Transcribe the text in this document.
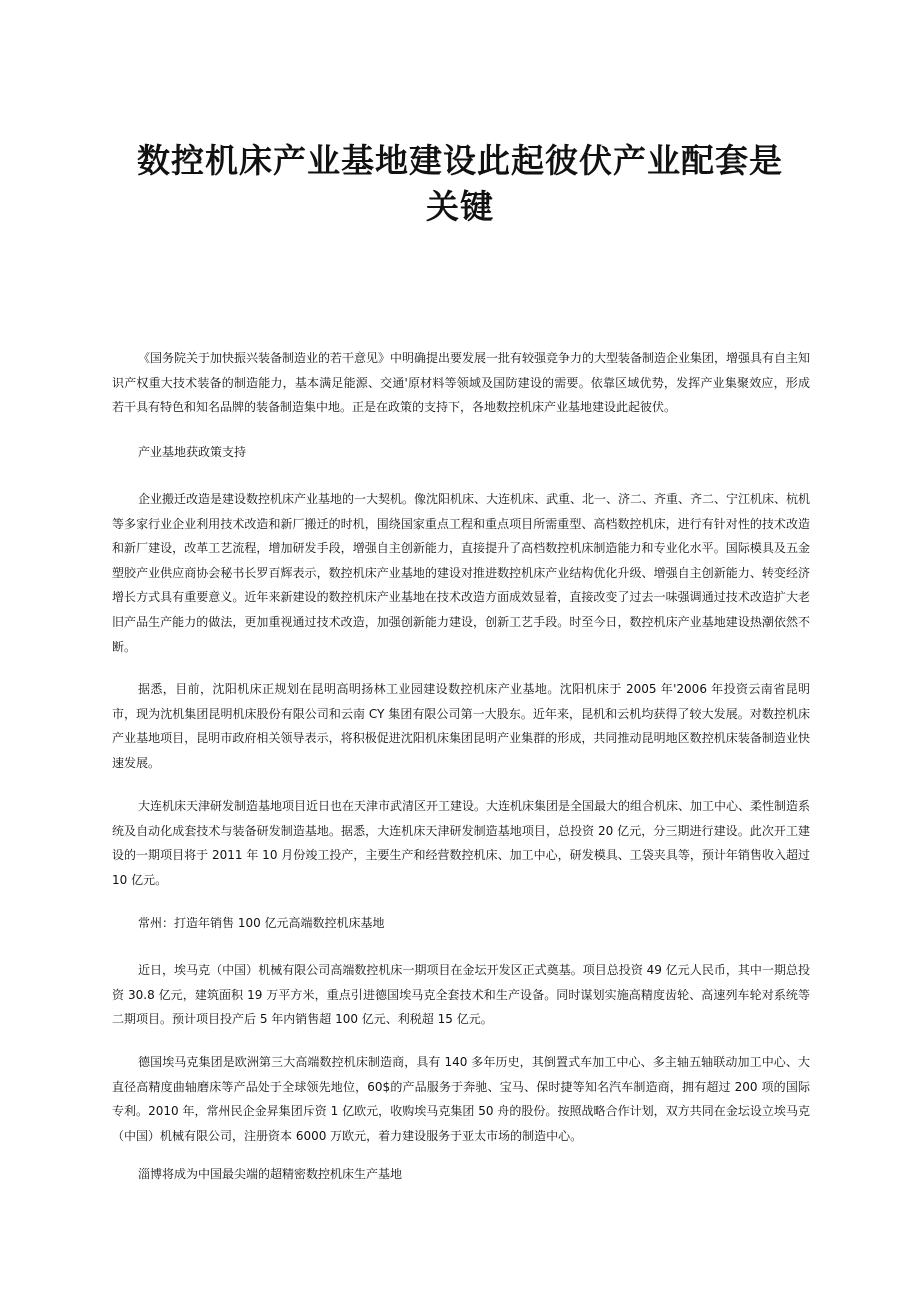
数控机床产业基地建设此起彼伏产业配套是
关键

《国务院关于加快振兴装备制造业的若干意见》中明确提出要发展一批有较强竞争力的大型装备制造企业集团，增强具有自主知识产权重大技术装备的制造能力，基本满足能源、交通'原材料等领域及国防建设的需要。依靠区域优势，发挥产业集聚效应，形成若干具有特色和知名品牌的装备制造集中地。正是在政策的支持下，各地数控机床产业基地建设此起彼伏。

产业基地获政策支持

企业搬迁改造是建设数控机床产业基地的一大契机。像沈阳机床、大连机床、武重、北一、济二、齐重、齐二、宁江机床、杭机等多家行业企业利用技术改造和新厂搬迁的时机，围绕国家重点工程和重点项目所需重型、高档数控机床，进行有针对性的技术改造和新厂建设，改革工艺流程，增加研发手段，增强自主创新能力，直接提升了高档数控机床制造能力和专业化水平。国际模具及五金塑胶产业供应商协会秘书长罗百辉表示，数控机床产业基地的建设对推进数控机床产业结构优化升级、增强自主创新能力、转变经济增长方式具有重要意义。近年来新建设的数控机床产业基地在技术改造方面成效显着，直接改变了过去一味强调通过技术改造扩大老旧产品生产能力的做法，更加重视通过技术改造，加强创新能力建设，创新工艺手段。时至今日，数控机床产业基地建设热潮依然不断。

据悉，目前，沈阳机床正规划在昆明高明扬林工业园建设数控机床产业基地。沈阳机床于 2005 年'2006 年投资云南省昆明市，现为沈机集团昆明机床股份有限公司和云南 CY 集团有限公司第一大股东。近年来，昆机和云机均获得了较大发展。对数控机床产业基地项目，昆明市政府相关领导表示，将积极促进沈阳机床集团昆明产业集群的形成，共同推动昆明地区数控机床装备制造业快速发展。

大连机床天津研发制造基地项目近日也在天津市武清区开工建设。大连机床集团是全国最大的组合机床、加工中心、柔性制造系统及自动化成套技术与装备研发制造基地。据悉，大连机床天津研发制造基地项目，总投资 20 亿元，分三期进行建设。此次开工建设的一期项目将于 2011 年 10 月份竣工投产，主要生产和经营数控机床、加工中心，研发模具、工袋夹具等，预计年销售收入超过 10 亿元。

常州：打造年销售 100 亿元高端数控机床基地

近日，埃马克（中国）机械有限公司高端数控机床一期项目在金坛开发区正式奠基。项目总投资 49 亿元人民币，其中一期总投资 30.8 亿元，建筑面积 19 万平方米，重点引进德国埃马克全套技术和生产设备。同时谋划实施高精度齿轮、高速列车轮对系统等二期项目。预计项目投产后 5 年内销售超 100 亿元、利税超 15 亿元。

德国埃马克集团是欧洲第三大高端数控机床制造商，具有 140 多年历史，其倒置式车加工中心、多主轴五轴联动加工中心、大直径高精度曲轴磨床等产品处于全球领先地位，60$的产品服务于奔驰、宝马、保时捷等知名汽车制造商，拥有超过 200 项的国际专利。2010 年，常州民企金昇集团斥资 1 亿欧元，收购埃马克集团 50 舟的股份。按照战略合作计划，双方共同在金坛设立埃马克（中国）机械有限公司，注册资本 6000 万欧元，着力建设服务于亚太市场的制造中心。

淄博将成为中国最尖端的超精密数控机床生产基地
